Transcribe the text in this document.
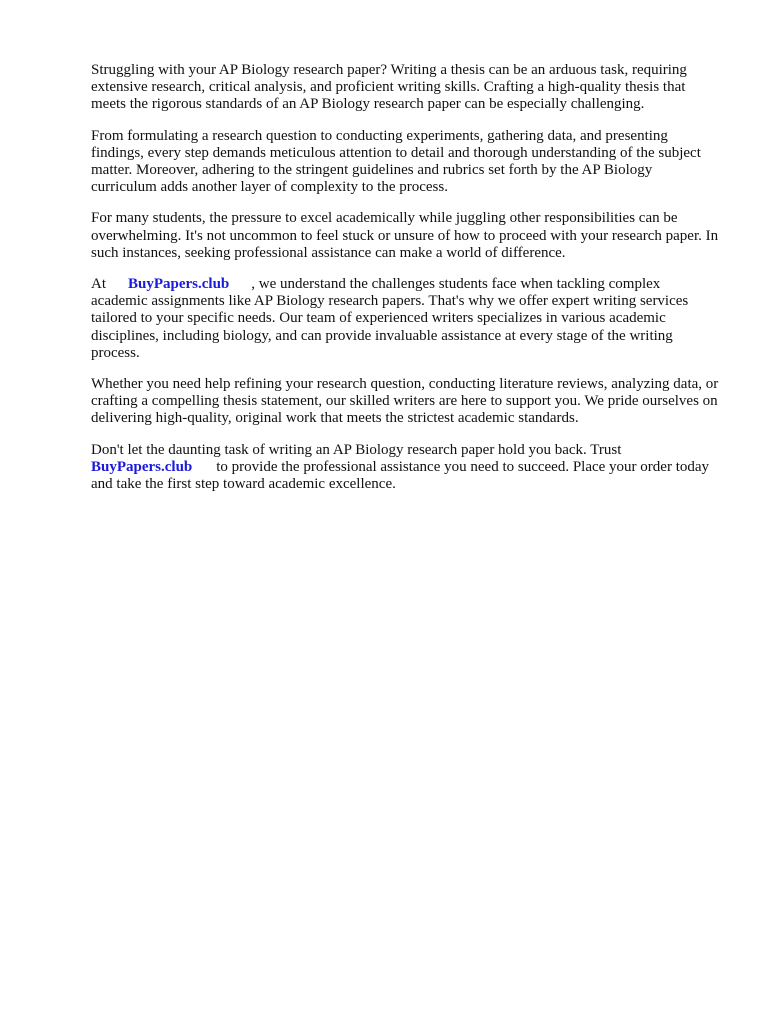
Struggling with your AP Biology research paper? Writing a thesis can be an arduous task, requiring extensive research, critical analysis, and proficient writing skills. Crafting a high-quality thesis that meets the rigorous standards of an AP Biology research paper can be especially challenging.

From formulating a research question to conducting experiments, gathering data, and presenting findings, every step demands meticulous attention to detail and thorough understanding of the subject matter. Moreover, adhering to the stringent guidelines and rubrics set forth by the AP Biology curriculum adds another layer of complexity to the process.

For many students, the pressure to excel academically while juggling other responsibilities can be overwhelming. It's not uncommon to feel stuck or unsure of how to proceed with your research paper. In such instances, seeking professional assistance can make a world of difference.

At BuyPapers.club , we understand the challenges students face when tackling complex academic assignments like AP Biology research papers. That's why we offer expert writing services tailored to your specific needs. Our team of experienced writers specializes in various academic disciplines, including biology, and can provide invaluable assistance at every stage of the writing process.

Whether you need help refining your research question, conducting literature reviews, analyzing data, or crafting a compelling thesis statement, our skilled writers are here to support you. We pride ourselves on delivering high-quality, original work that meets the strictest academic standards.

Don't let the daunting task of writing an AP Biology research paper hold you back. Trust
BuyPapers.club to provide the professional assistance you need to succeed. Place your order today and take the first step toward academic excellence.
